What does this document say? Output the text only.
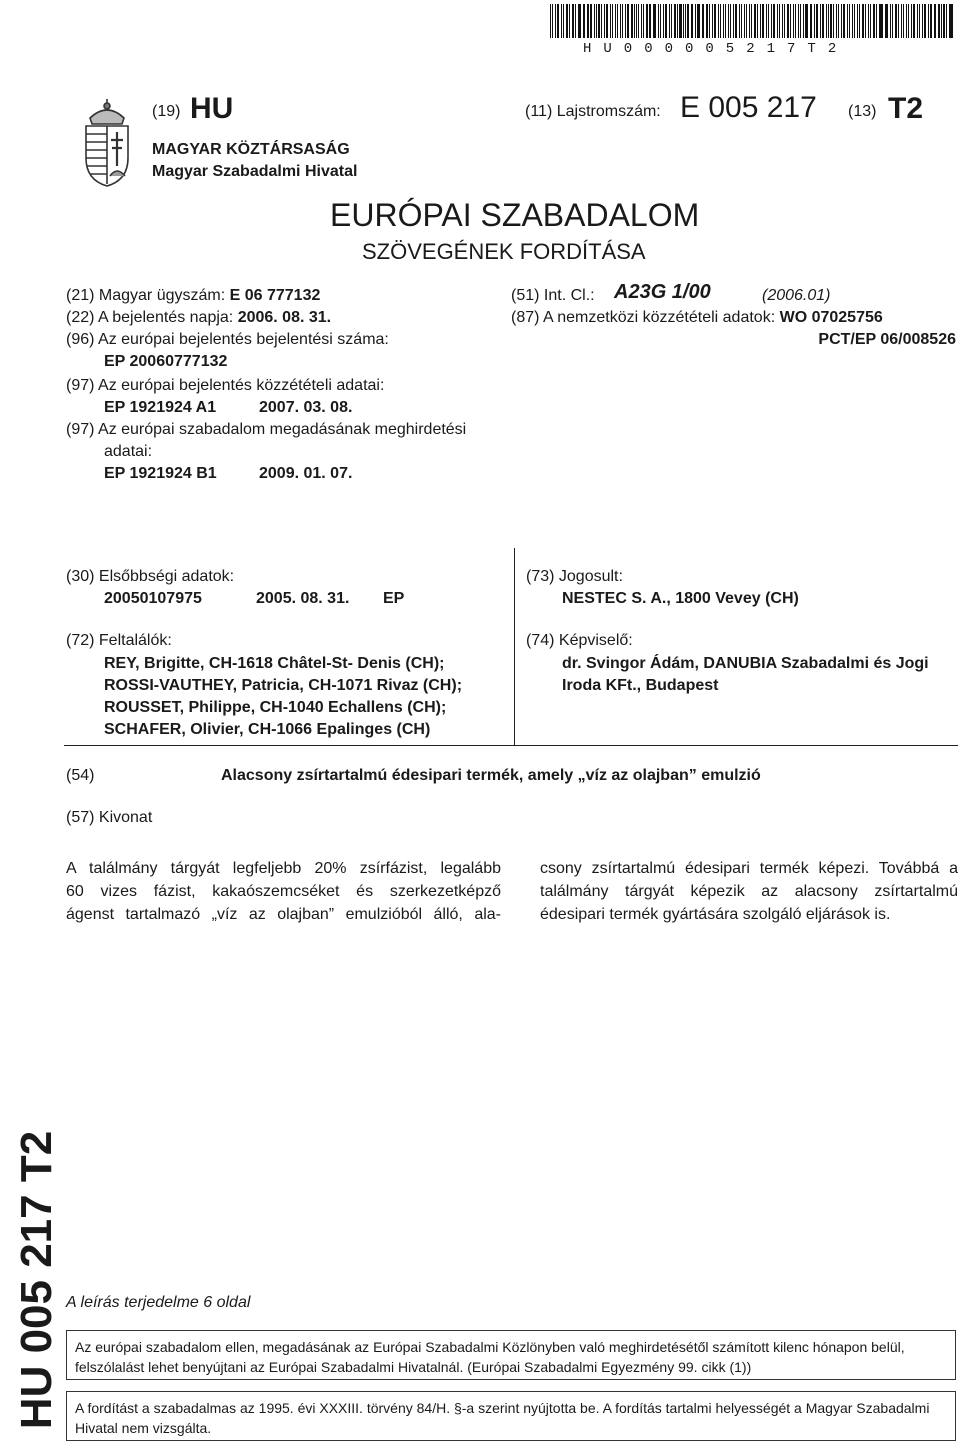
HU000005217T2
(19) HU
MAGYAR KÖZTÁRSASÁG
Magyar Szabadalmi Hivatal
(11) Lajstromszám: E 005 217 (13) T2
EURÓPAI SZABADALOM
SZÖVEGÉNEK FORDÍTÁSA
(21) Magyar ügyszám: E 06 777132
(22) A bejelentés napja: 2006. 08. 31.
(96) Az európai bejelentés bejelentési száma:
EP 20060777132
(97) Az európai bejelentés közzétételi adatai:
EP 1921924 A1	2007. 03. 08.
(97) Az európai szabadalom megadásának meghirdetési
adatai:
EP 1921924 B1	2009. 01. 07.
(51) Int. Cl.: A23G 1/00	(2006.01)
(87) A nemzetközi közzétételi adatok: WO 07025756
PCT/EP 06/008526
(30) Elsőbbségi adatok:
20050107975	2005. 08. 31. EP
(72) Feltalálók:
REY, Brigitte, CH-1618 Châtel-St- Denis (CH);
ROSSI-VAUTHEY, Patricia, CH-1071 Rivaz (CH);
ROUSSET, Philippe, CH-1040 Echallens (CH);
SCHAFER, Olivier, CH-1066 Epalinges (CH)
(73) Jogosult:
NESTEC S. A., 1800 Vevey (CH)
(74) Képviselő:
dr. Svingor Ádám, DANUBIA Szabadalmi és Jogi
Iroda KFt., Budapest
(54)	Alacsony zsírtartalmú édesipari termék, amely „víz az olajban” emulzió
(57) Kivonat
A találmány tárgyát legfeljebb 20% zsírfázist, legalább
60 vizes fázist, kakaószemcséket és szerkezetképző
ágenst tartalmazó „víz az olajban” emulzióból álló, ala-
csony zsírtartalmú édesipari termék képezi. Továbbá a
találmány tárgyát képezik az alacsony zsírtartalmú
édesipari termék gyártására szolgáló eljárások is.
HU 005 217 T2 A leírás terjedelme 6 oldal
Az európai szabadalom ellen, megadásának az Európai Szabadalmi Közlönyben való meghirdetésétől számított kilenc hónapon belül, felszólalást lehet benyújtani az Európai Szabadalmi Hivatalnál. (Európai Szabadalmi Egyezmény 99. cikk (1))
A fordítást a szabadalmas az 1995. évi XXXIII. törvény 84/H. §-a szerint nyújtotta be. A fordítás tartalmi helyességét a Magyar Szabadalmi Hivatal nem vizsgálta.
